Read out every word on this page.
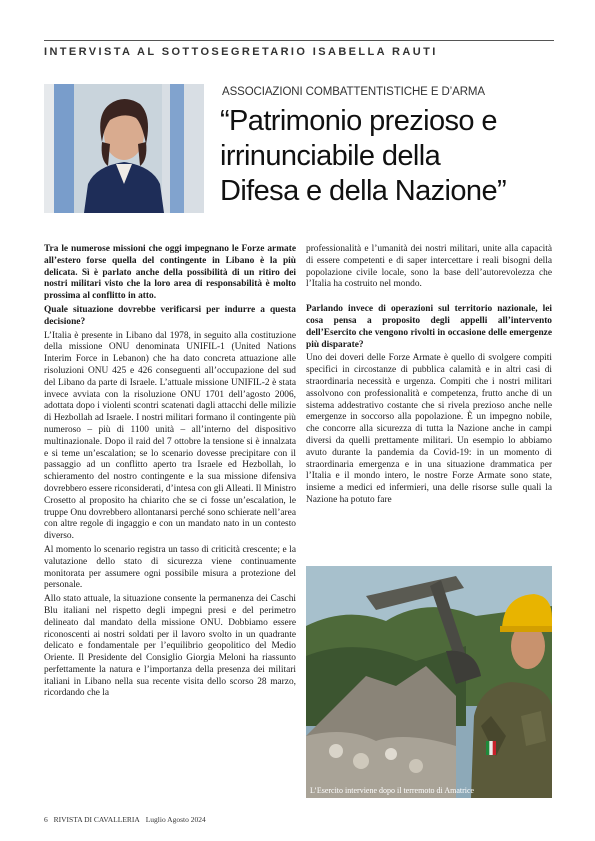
INTERVISTA AL SOTTOSEGRETARIO ISABELLA RAUTI
ASSOCIAZIONI COMBATTENTISTICHE E D’ARMA
“Patrimonio prezioso e
irrinunciabile della
Difesa e della Nazione”

Tra le numerose missioni che oggi impegnano le Forze armate all’estero forse quella del contingente in Libano è la più delicata. Sì è parlato anche della possibilità di un ritiro dei nostri militari visto che la loro area di responsabilità è molto prossima al conflitto in atto.

Quale situazione dovrebbe verificarsi per indurre a questa decisione?

L’Italia è presente in Libano dal 1978, in seguito alla costituzione della missione ONU denominata UNIFIL-1 (United Nations Interim Force in Lebanon) che ha dato concreta attuazione alle risoluzioni ONU 425 e 426 conseguenti all’occupazione del sud del Libano da parte di Israele. L’attuale missione UNIFIL-2 è stata invece avviata con la risoluzione ONU 1701 dell’agosto 2006, adottata dopo i violenti scontri scatenati dagli attacchi delle milizie di Hezbollah ad Israele. I nostri militari formano il contingente più numeroso – più di 1100 unità – all’interno del dispositivo multinazionale. Dopo il raid del 7 ottobre la tensione si è innalzata e si teme un’escalation; se lo scenario dovesse precipitare con il passaggio ad un conflitto aperto tra Israele ed Hezbollah, lo schieramento del nostro contingente e la sua missione difensiva dovrebbero essere riconsiderati, d’intesa con gli Alleati. Il Ministro Crosetto al proposito ha chiarito che se ci fosse un’escalation, le truppe Onu dovrebbero allontanarsi perché sono schierate nell’area con altre regole di ingaggio e con un mandato nato in un contesto diverso.

Al momento lo scenario registra un tasso di criticità crescente; e la valutazione dello stato di sicurezza viene continuamente monitorata per assumere ogni possibile misura a protezione del personale.

Allo stato attuale, la situazione consente la permanenza dei Caschi Blu italiani nel rispetto degli impegni presi e del perimetro delineato dal mandato della missione ONU. Dobbiamo essere riconoscenti ai nostri soldati per il lavoro svolto in un quadrante delicato e fondamentale per l’equilibrio geopolitico del Medio Oriente. Il Presidente del Consiglio Giorgia Meloni ha riassunto perfettamente la natura e l’importanza della presenza dei militari italiani in Libano nella sua recente visita dello scorso 28 marzo, ricordando che la

professionalità e l’umanità dei nostri militari, unite alla capacità di essere competenti e di saper intercettare i reali bisogni della popolazione civile locale, sono la base dell’autorevolezza che l’Italia ha costruito nel mondo.

Parlando invece di operazioni sul territorio nazionale, lei cosa pensa a proposito degli appelli all’intervento dell’Esercito che vengono rivolti in occasione delle emergenze più disparate?

Uno dei doveri delle Forze Armate è quello di svolgere compiti specifici in circostanze di pubblica calamità e in altri casi di straordinaria necessità e urgenza. Compiti che i nostri militari assolvono con professionalità e competenza, frutto anche di un sistema addestrativo costante che si rivela prezioso anche nelle emergenze in soccorso alla popolazione. È un impegno nobile, che concorre alla sicurezza di tutta la Nazione anche in campi diversi da quelli prettamente militari. Un esempio lo abbiamo avuto durante la pandemia da Covid-19: in un momento di straordinaria emergenza e in una situazione drammatica per l’Italia e il mondo intero, le nostre Forze Armate sono state, insieme a medici ed infermieri, una delle risorse sulle quali la Nazione ha potuto fare

L’Esercito interviene dopo il terremoto di Amatrice
6 RIVISTA DI CAVALLERIA Luglio Agosto 2024
